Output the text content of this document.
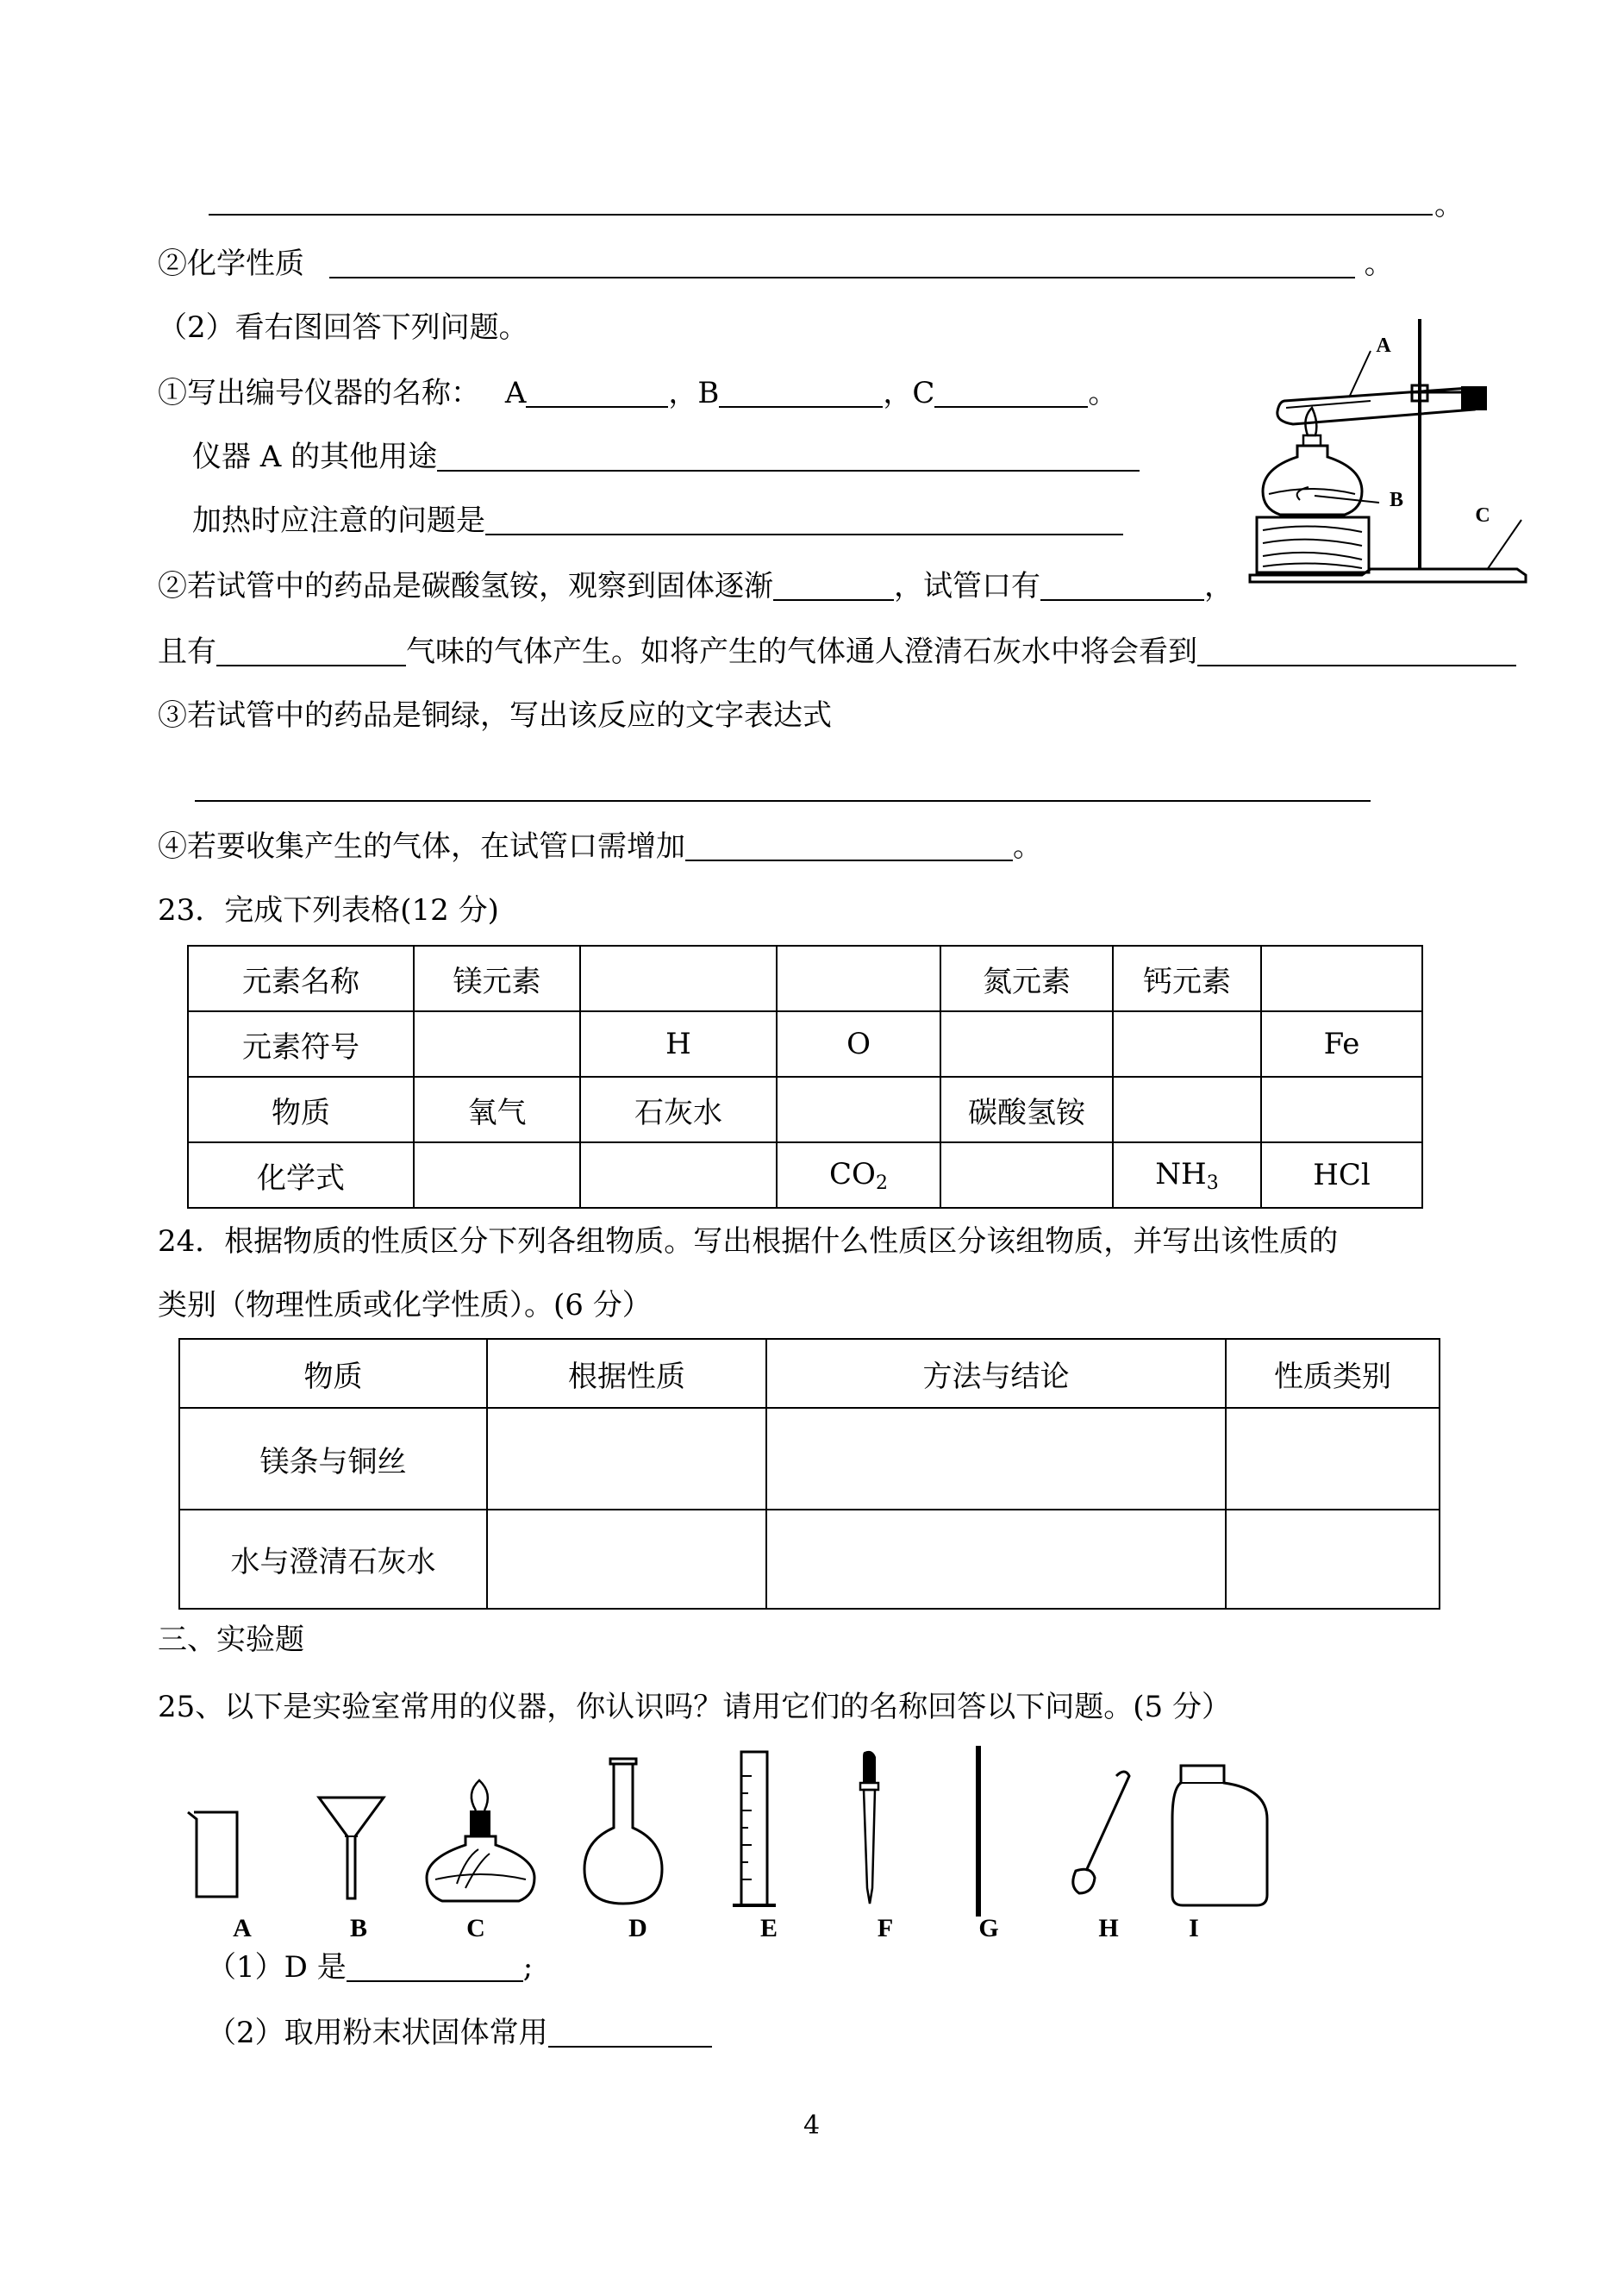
。
②化学性质	。
（2）看右图回答下列问题。
①写出编号仪器的名称： A	，B	，C	。
仪器 A 的其他用途
加热时应注意的问题是
②若试管中的药品是碳酸氢铵，观察到固体逐渐	，试管口有	，
且有	气味的气体产生。如将产生的气体通人澄清石灰水中将会看到
③若试管中的药品是铜绿，写出该反应的文字表达式
④若要收集产生的气体，在试管口需增加	。
A
B
C
23．完成下列表格(12 分)
元素名称	镁元素			氮元素	钙元素	
元素符号		H	O			Fe
物质	氧气	石灰水		碳酸氢铵		
化学式			$CO_2$		$NH_3$	HCl
24．根据物质的性质区分下列各组物质。写出根据什么性质区分该组物质，并写出该性质的
类别（物理性质或化学性质）。(6 分）
物质	根据性质	方法与结论	性质类别
镁条与铜丝			
水与澄清石灰水			
三、实验题
25、以下是实验室常用的仪器，你认识吗？请用它们的名称回答以下问题。(5 分）
A	B	C	D	E	F	G	H	I
（1）D 是	;
（2）取用粉末状固体常用
4
